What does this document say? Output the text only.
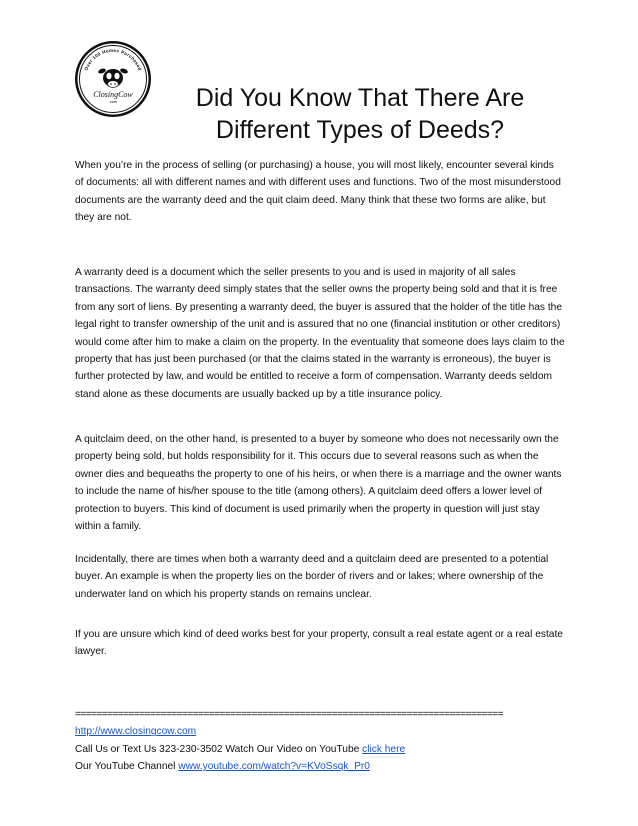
Over 100 Homes Purchased
ClosingCow
.com	Did You Know That There Are
Different Types of Deeds?
When you’re in the process of selling (or purchasing) a house, you will most likely, encounter several kinds of documents: all with different names and with different uses and functions. Two of the most misunderstood documents are the warranty deed and the quit claim deed. Many think that these two forms are alike, but they are not.
A warranty deed is a document which the seller presents to you and is used in majority of all sales transactions. The warranty deed simply states that the seller owns the property being sold and that it is free from any sort of liens. By presenting a warranty deed, the buyer is assured that the holder of the title has the legal right to transfer ownership of the unit and is assured that no one (financial institution or other creditors) would come after him to make a claim on the property. In the eventuality that someone does lays claim to the property that has just been purchased (or that the claims stated in the warranty is erroneous), the buyer is further protected by law, and would be entitled to receive a form of compensation. Warranty deeds seldom stand alone as these documents are usually backed up by a title insurance policy.
A quitclaim deed, on the other hand, is presented to a buyer by someone who does not necessarily own the property being sold, but holds responsibility for it. This occurs due to several reasons such as when the owner dies and bequeaths the property to one of his heirs, or when there is a marriage and the owner wants to include the name of his/her spouse to the title (among others). A quitclaim deed offers a lower level of protection to buyers. This kind of document is used primarily when the property in question will just stay within a family.
Incidentally, there are times when both a warranty deed and a quitclaim deed are presented to a potential buyer. An example is when the property lies on the border of rivers and or lakes; where ownership of the underwater land on which his property stands on remains unclear.
If you are unsure which kind of deed works best for your property, consult a real estate agent or a real estate lawyer.
================================================================================
http://www.closingcow.com
Call Us or Text Us 323-230-3502 Watch Our Video on YouTube click here
Our YouTube Channel www.youtube.com/watch?v=KVoSsqk_Pr0
